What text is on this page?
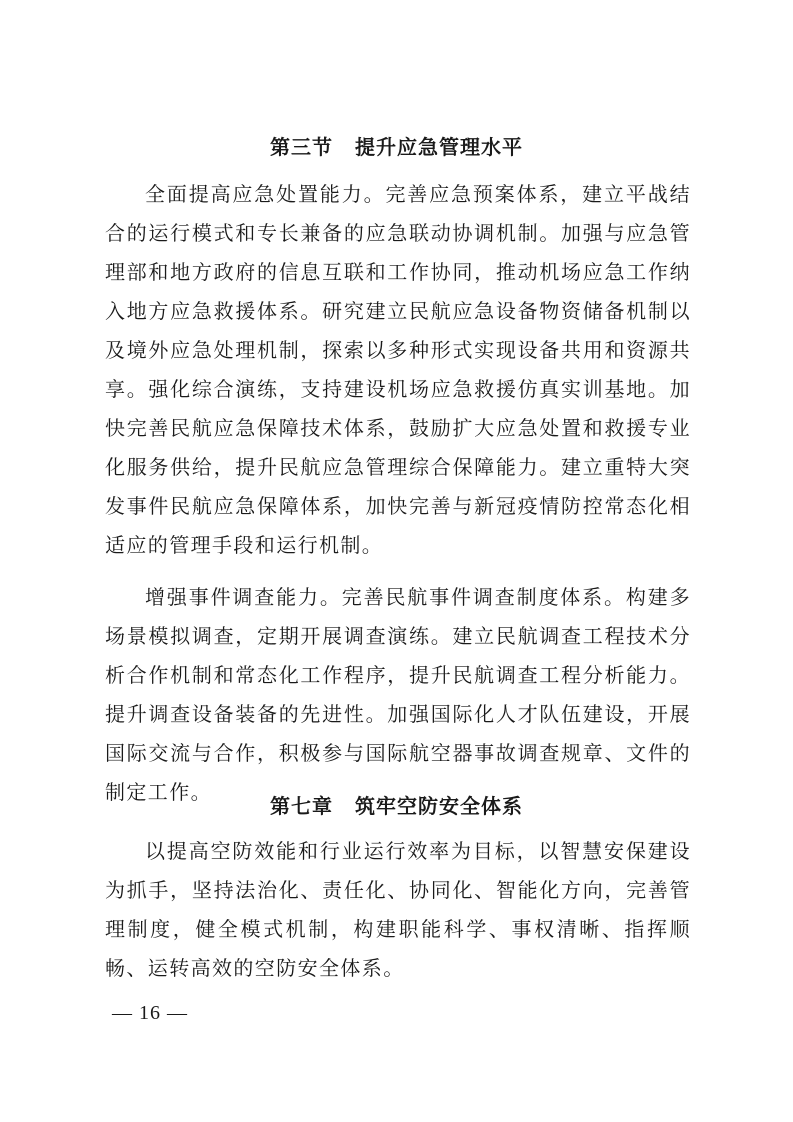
第三节 提升应急管理水平

全面提高应急处置能力。完善应急预案体系，建立平战结合的运行模式和专长兼备的应急联动协调机制。加强与应急管理部和地方政府的信息互联和工作协同，推动机场应急工作纳入地方应急救援体系。研究建立民航应急设备物资储备机制以及境外应急处理机制，探索以多种形式实现设备共用和资源共享。强化综合演练，支持建设机场应急救援仿真实训基地。加快完善民航应急保障技术体系，鼓励扩大应急处置和救援专业化服务供给，提升民航应急管理综合保障能力。建立重特大突发事件民航应急保障体系，加快完善与新冠疫情防控常态化相适应的管理手段和运行机制。

增强事件调查能力。完善民航事件调查制度体系。构建多场景模拟调查，定期开展调查演练。建立民航调查工程技术分析合作机制和常态化工作程序，提升民航调查工程分析能力。提升调查设备装备的先进性。加强国际化人才队伍建设，开展国际交流与合作，积极参与国际航空器事故调查规章、文件的制定工作。

第七章 筑牢空防安全体系

以提高空防效能和行业运行效率为目标，以智慧安保建设为抓手，坚持法治化、责任化、协同化、智能化方向，完善管理制度，健全模式机制，构建职能科学、事权清晰、指挥顺畅、运转高效的空防安全体系。

— 16 —
